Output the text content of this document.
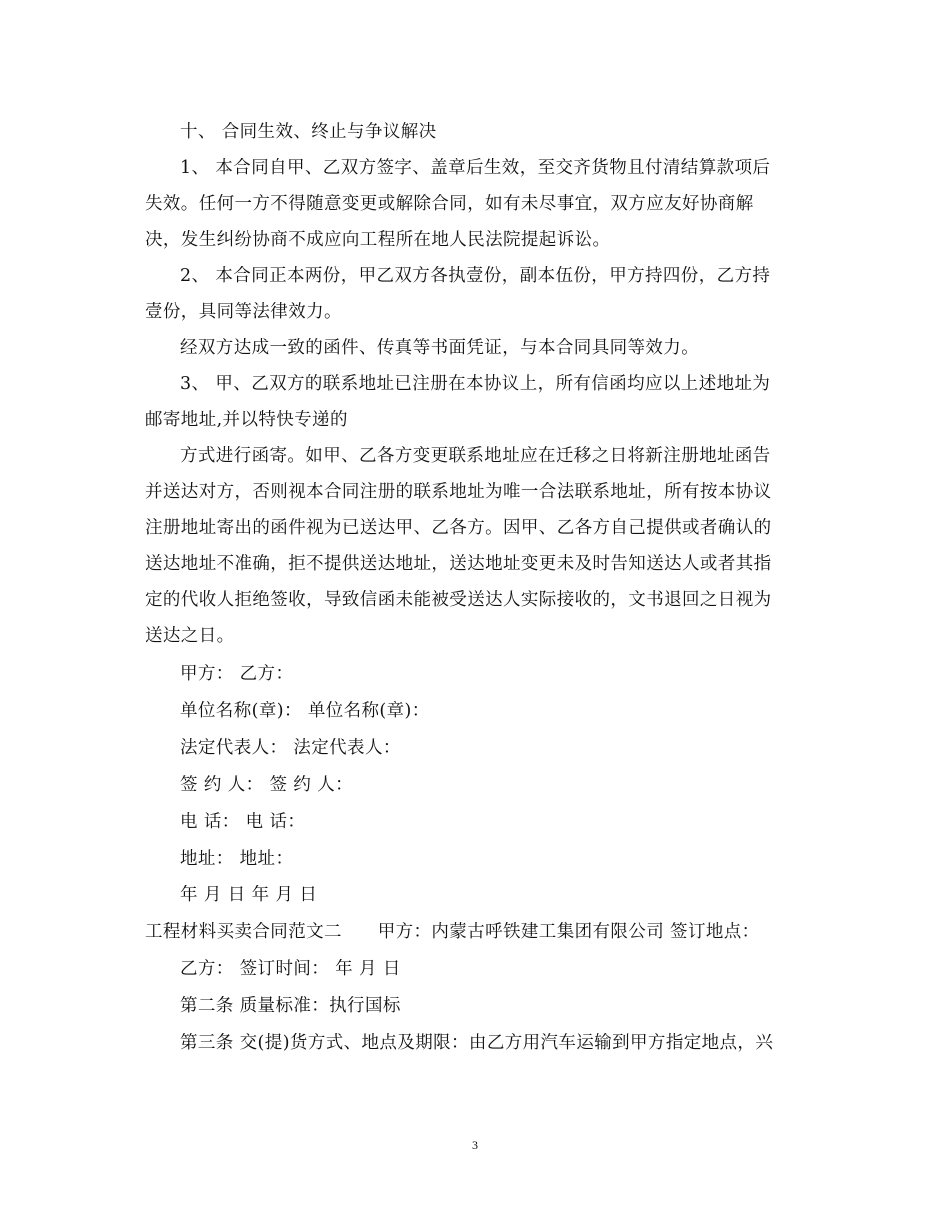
十、 合同生效、终止与争议解决
1、 本合同自甲、乙双方签字、盖章后生效，至交齐货物且付清结算款项后
失效。任何一方不得随意变更或解除合同，如有未尽事宜，双方应友好协商解
决，发生纠纷协商不成应向工程所在地人民法院提起诉讼。
2、 本合同正本两份，甲乙双方各执壹份，副本伍份，甲方持四份，乙方持
壹份，具同等法律效力。
经双方达成一致的函件、传真等书面凭证，与本合同具同等效力。
3、 甲、乙双方的联系地址已注册在本协议上，所有信函均应以上述地址为
邮寄地址,并以特快专递的
方式进行函寄。如甲、乙各方变更联系地址应在迁移之日将新注册地址函告
并送达对方，否则视本合同注册的联系地址为唯一合法联系地址，所有按本协议
注册地址寄出的函件视为已送达甲、乙各方。因甲、乙各方自己提供或者确认的
送达地址不准确，拒不提供送达地址，送达地址变更未及时告知送达人或者其指
定的代收人拒绝签收，导致信函未能被受送达人实际接收的，文书退回之日视为
送达之日。
甲方： 乙方：
单位名称(章)： 单位名称(章)：
法定代表人： 法定代表人：
签 约 人： 签 约 人：
电 话： 电 话：
地址： 地址：
年 月 日 年 月 日
工程材料买卖合同范文二　　甲方：内蒙古呼铁建工集团有限公司 签订地点：
乙方： 签订时间： 年 月 日
第二条 质量标准：执行国标
第三条 交(提)货方式、地点及期限：由乙方用汽车运输到甲方指定地点，兴
3
